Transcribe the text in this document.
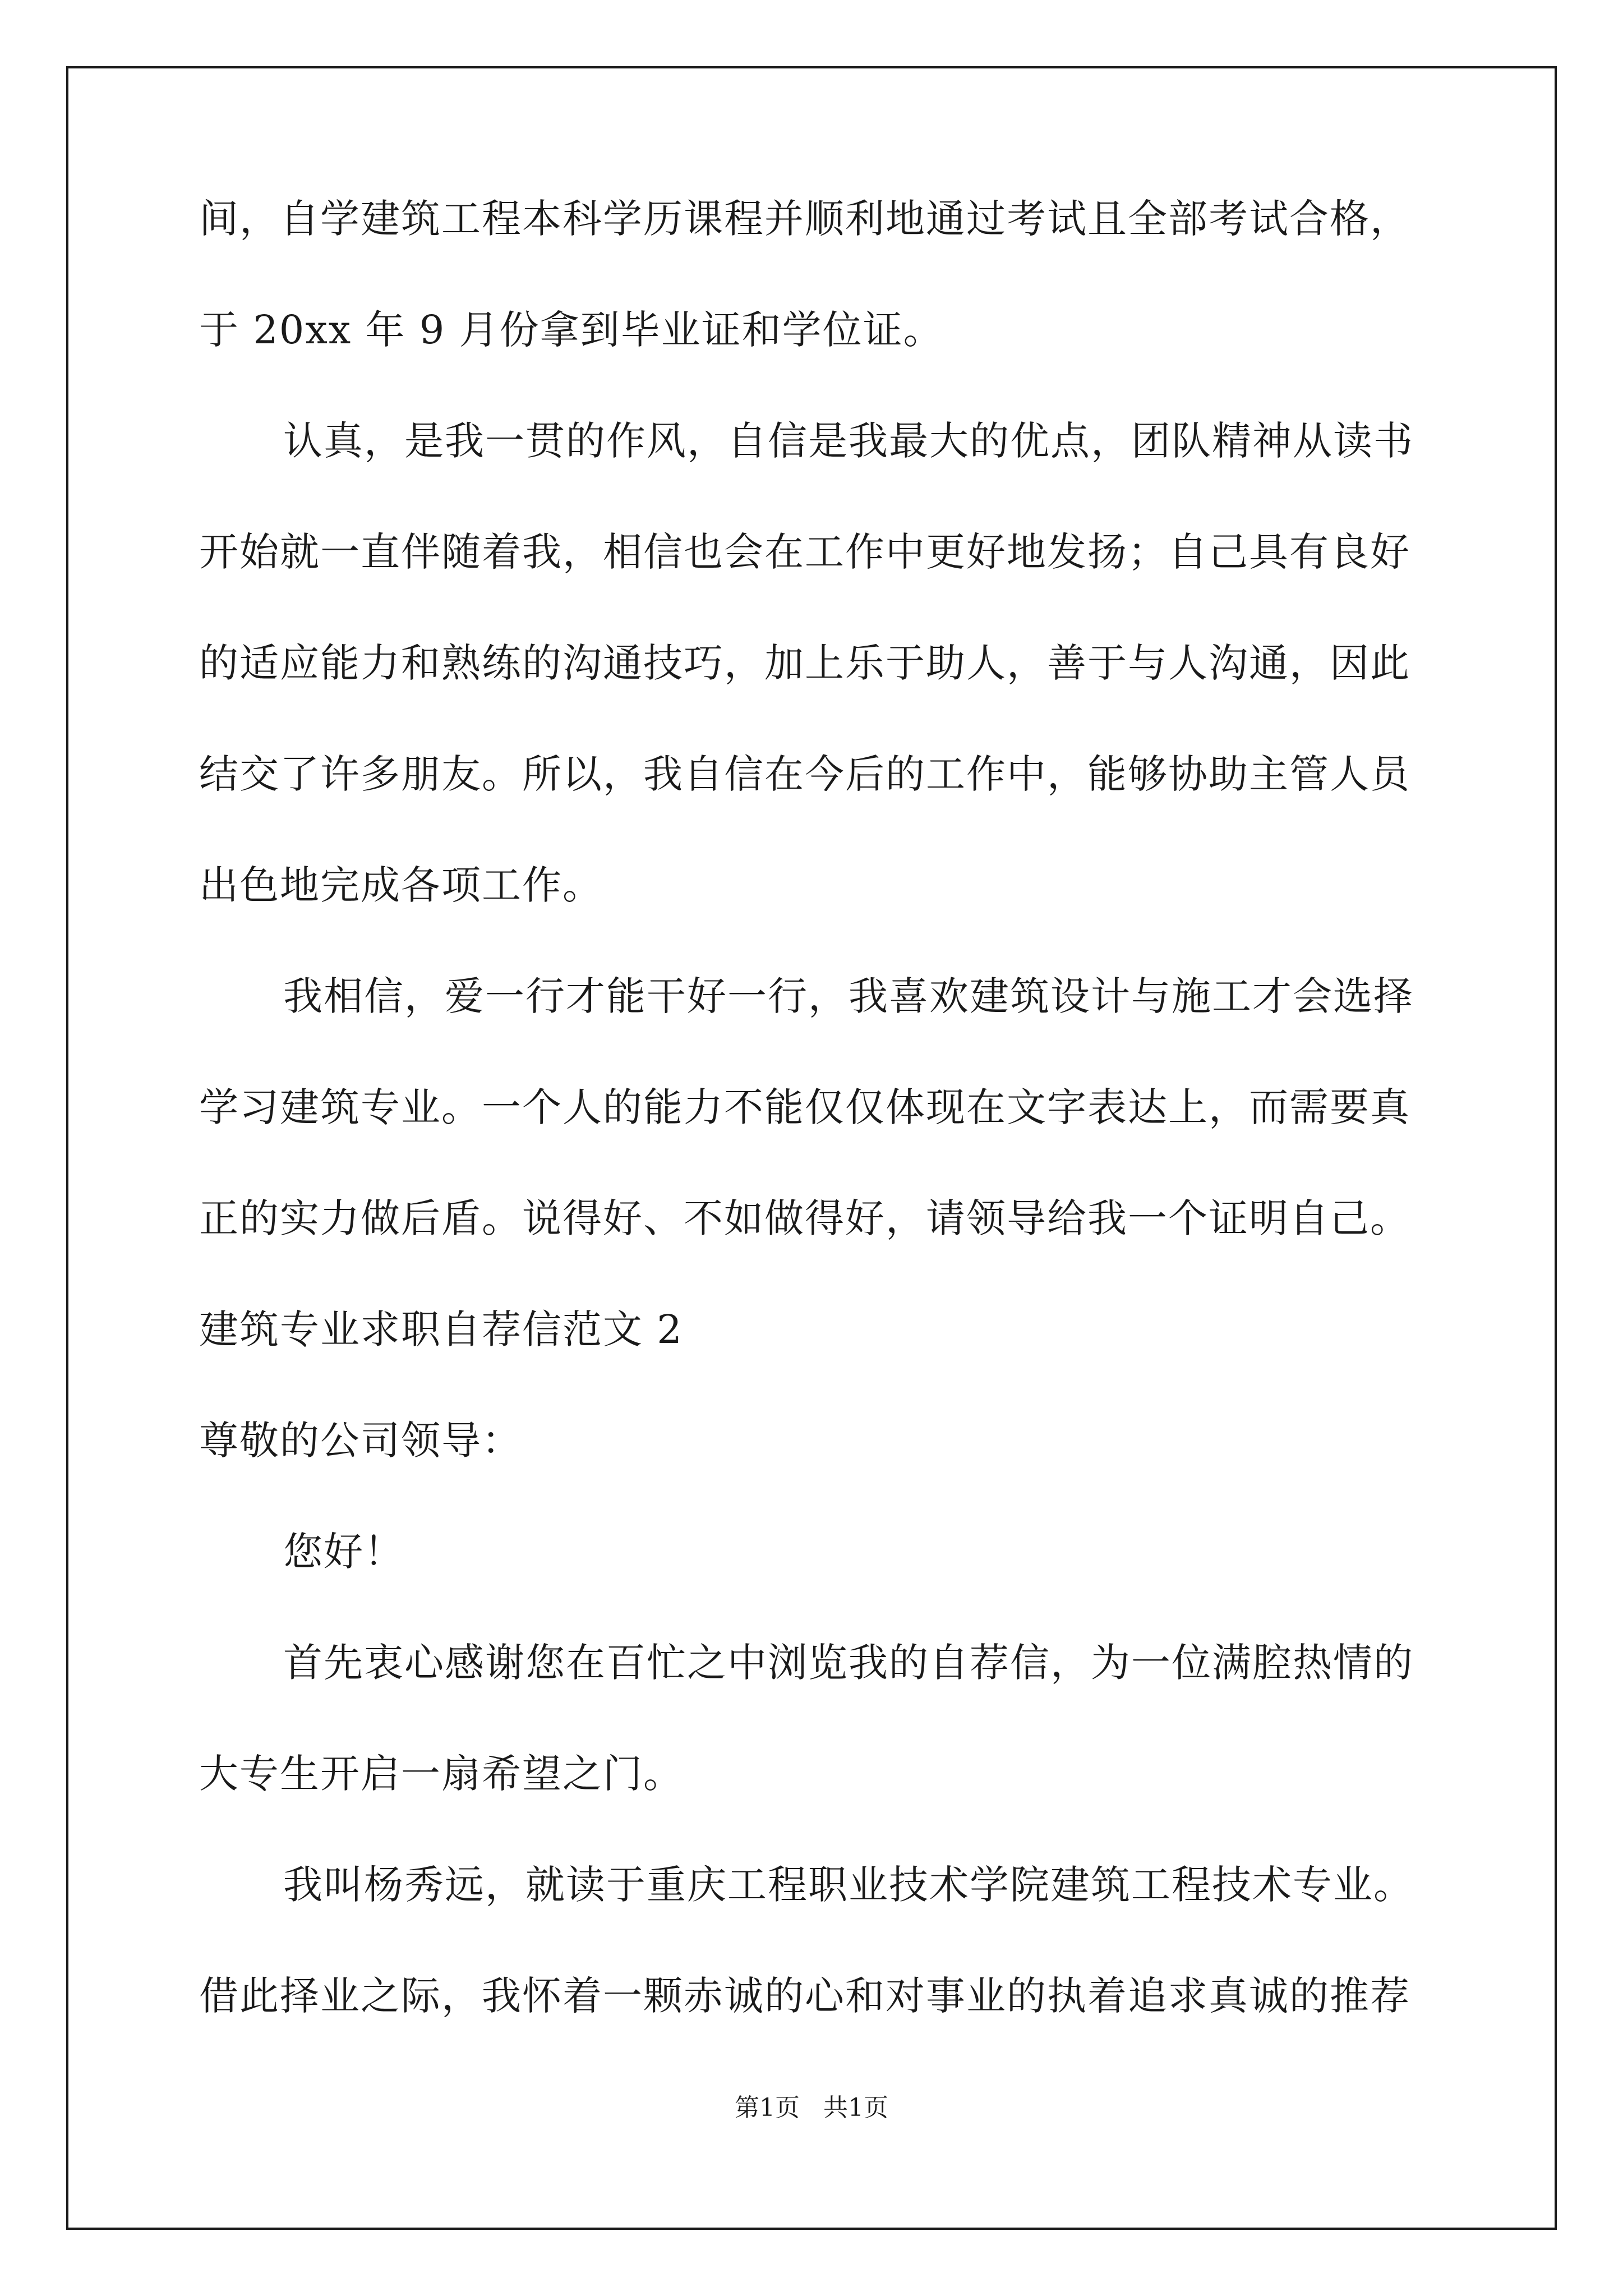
间，自学建筑工程本科学历课程并顺利地通过考试且全部考试合格，
于 20xx 年 9 月份拿到毕业证和学位证。
认真，是我一贯的作风，自信是我最大的优点，团队精神从读书
开始就一直伴随着我，相信也会在工作中更好地发扬；自己具有良好
的适应能力和熟练的沟通技巧，加上乐于助人，善于与人沟通，因此
结交了许多朋友。所以，我自信在今后的工作中，能够协助主管人员
出色地完成各项工作。
我相信，爱一行才能干好一行，我喜欢建筑设计与施工才会选择
学习建筑专业。一个人的能力不能仅仅体现在文字表达上，而需要真
正的实力做后盾。说得好、不如做得好，请领导给我一个证明自己。
建筑专业求职自荐信范文 2
尊敬的公司领导：
您好！
首先衷心感谢您在百忙之中浏览我的自荐信，为一位满腔热情的
大专生开启一扇希望之门。
我叫杨秀远，就读于重庆工程职业技术学院建筑工程技术专业。
借此择业之际，我怀着一颗赤诚的心和对事业的执着追求真诚的推荐
第1页 共1页
